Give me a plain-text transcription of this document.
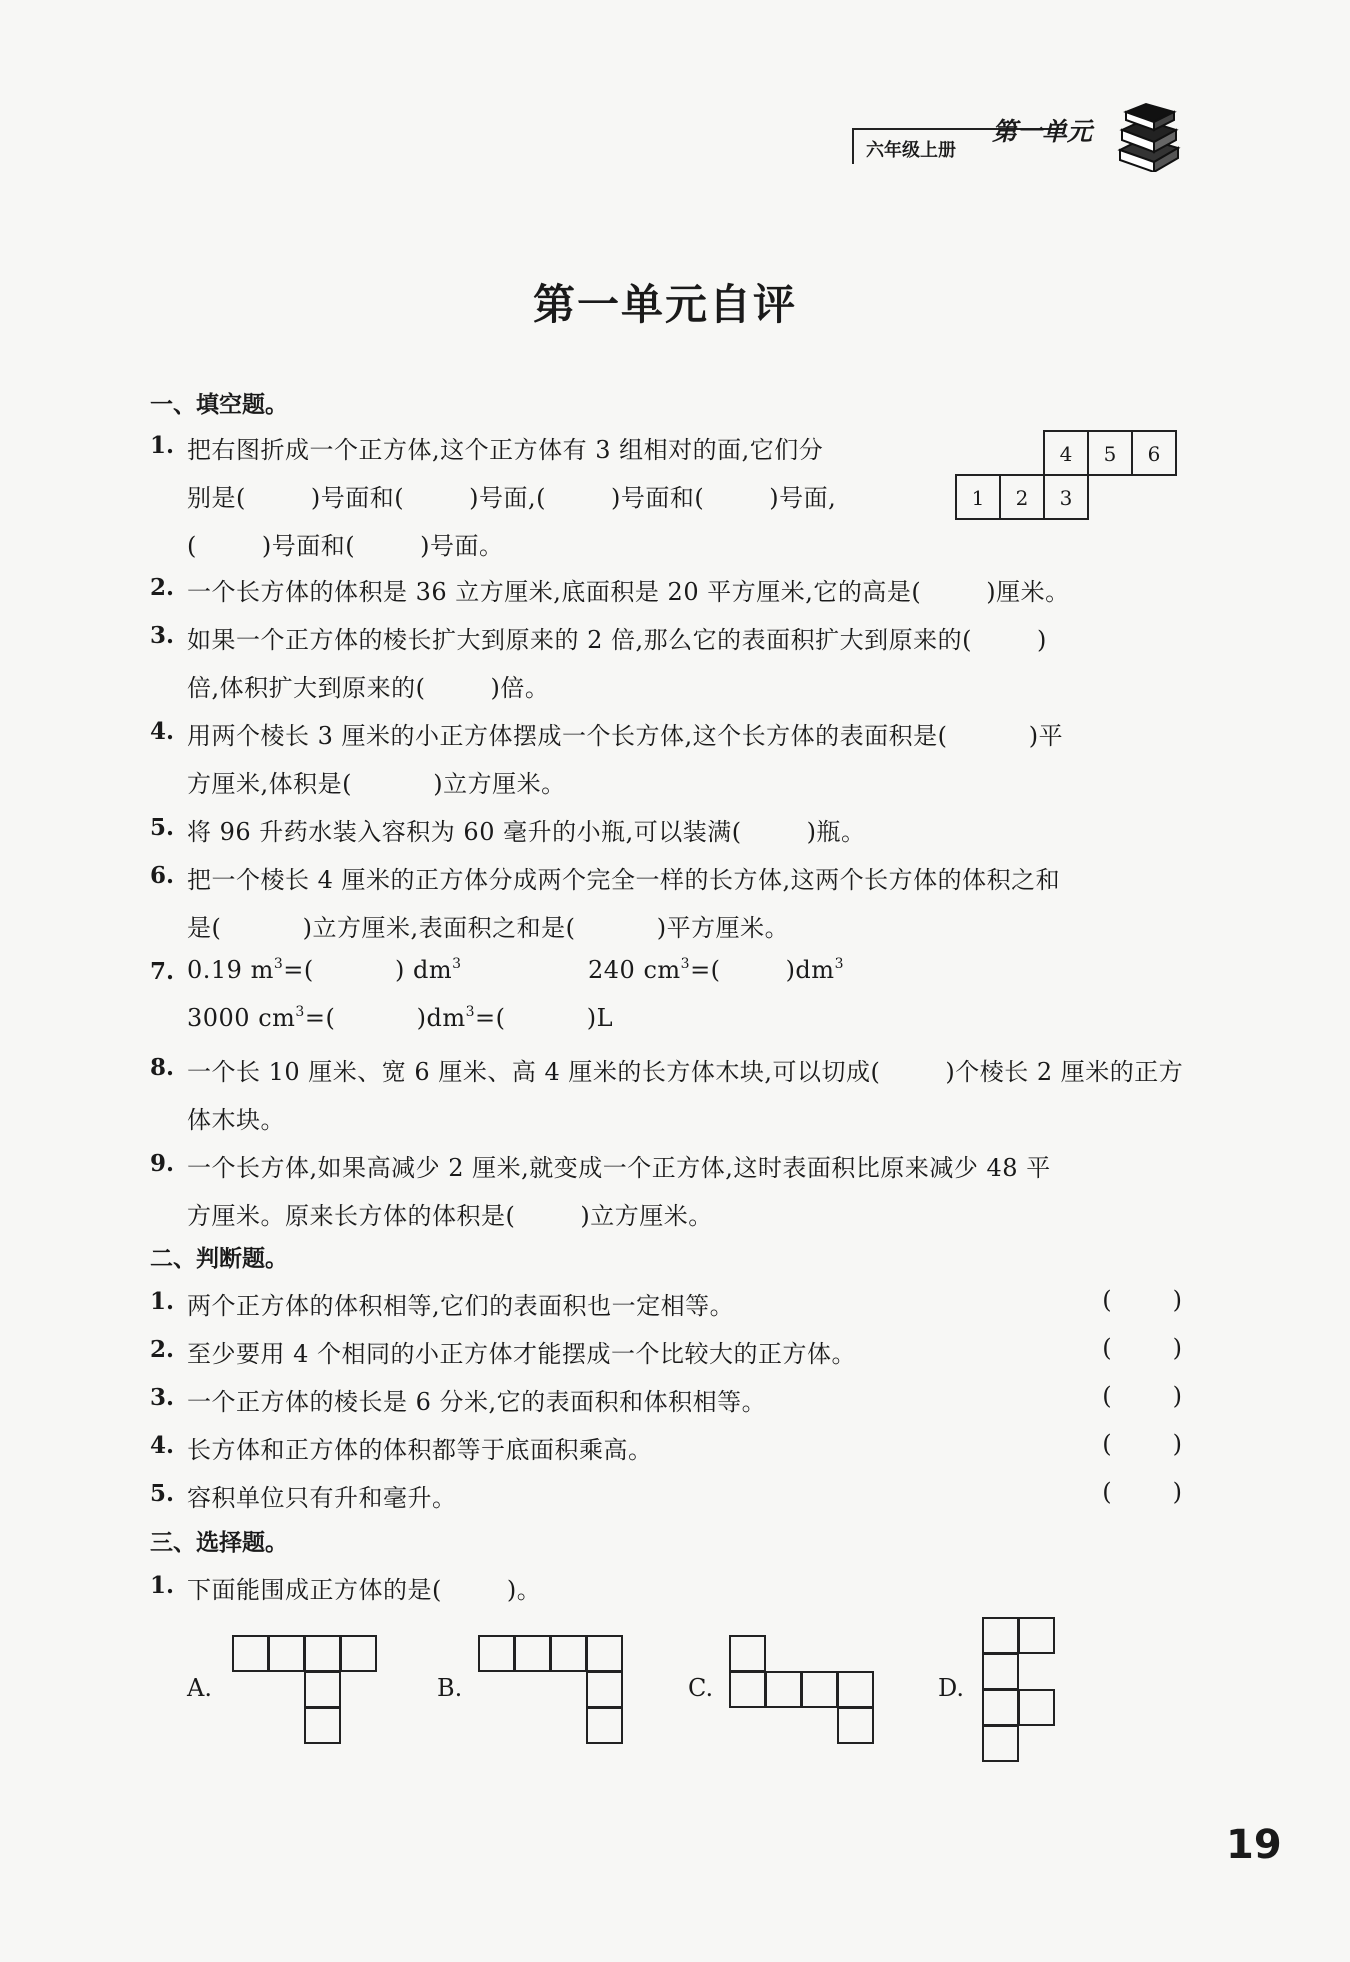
六年级上册
第一单元
第一单元自评
一、填空题。
1. 把右图折成一个正方体,这个正方体有 3 组相对的面,它们分
别是(        )号面和(        )号面,(        )号面和(        )号面,
(        )号面和(        )号面。
4	5	6
1	2	3
2. 一个长方体的体积是 36 立方厘米,底面积是 20 平方厘米,它的高是(        )厘米。
3. 如果一个正方体的棱长扩大到原来的 2 倍,那么它的表面积扩大到原来的(        )
倍,体积扩大到原来的(        )倍。
4. 用两个棱长 3 厘米的小正方体摆成一个长方体,这个长方体的表面积是(          )平
方厘米,体积是(          )立方厘米。
5. 将 96 升药水装入容积为 60 毫升的小瓶,可以装满(        )瓶。
6. 把一个棱长 4 厘米的正方体分成两个完全一样的长方体,这两个长方体的体积之和
是(          )立方厘米,表面积之和是(          )平方厘米。
7. 0.19 $m^3=$(          ) $dm^3$	240 $cm^3=$(        )$dm^3$
3000 $cm^3=$(          )$dm^3=$(          )L
8. 一个长 10 厘米、宽 6 厘米、高 4 厘米的长方体木块,可以切成(        )个棱长 2 厘米的正方
体木块。
9. 一个长方体,如果高减少 2 厘米,就变成一个正方体,这时表面积比原来减少 48 平
方厘米。原来长方体的体积是(        )立方厘米。
二、判断题。
1. 两个正方体的体积相等,它们的表面积也一定相等。	(        )
2. 至少要用 4 个相同的小正方体才能摆成一个比较大的正方体。	(        )
3. 一个正方体的棱长是 6 分米,它的表面积和体积相等。	(        )
4. 长方体和正方体的体积都等于底面积乘高。	(        )
5. 容积单位只有升和毫升。	(        )
三、选择题。
1. 下面能围成正方体的是(        )。
A.	B.	C.	D.
19
